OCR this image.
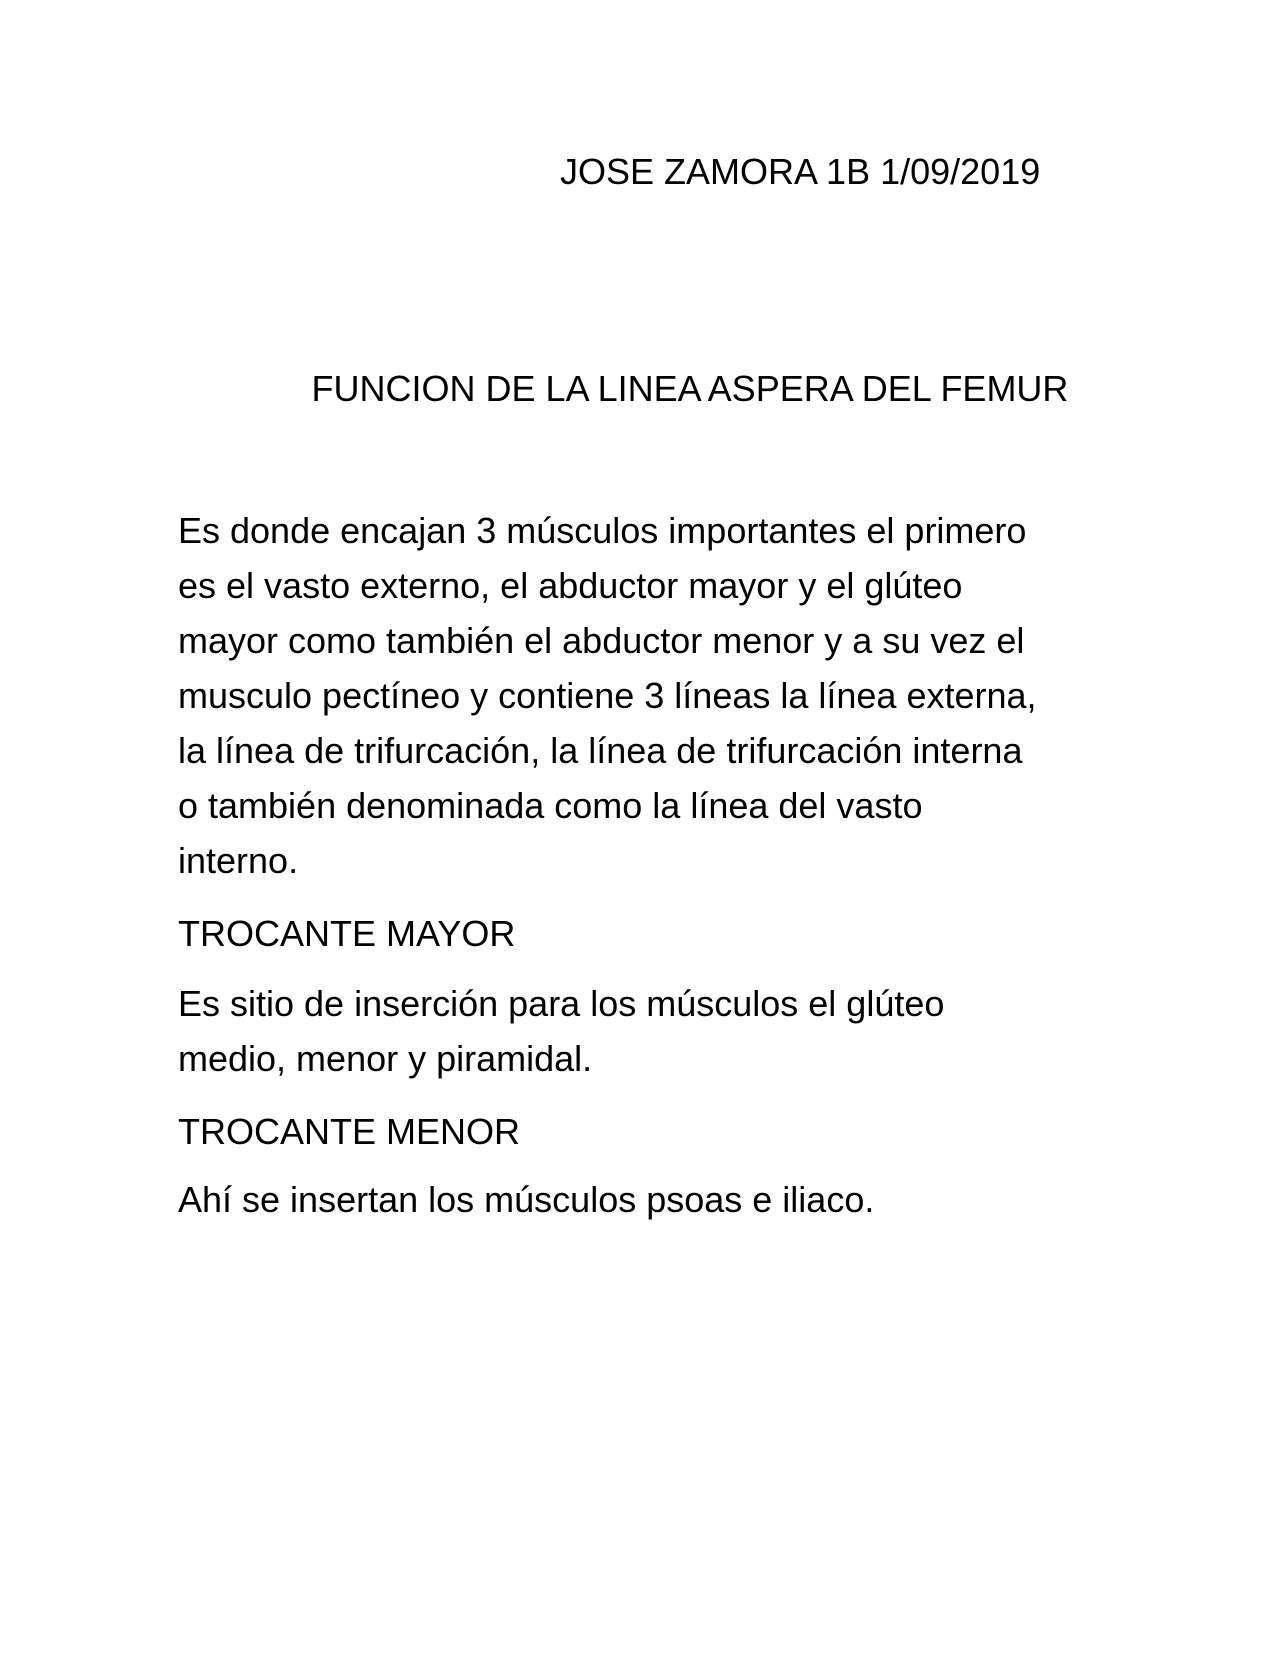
JOSE ZAMORA 1B 1/09/2019
FUNCION DE LA LINEA ASPERA DEL FEMUR
Es donde encajan 3 músculos importantes el primero
es el vasto externo, el abductor mayor y el glúteo
mayor como también el abductor menor y a su vez el
musculo pectíneo y contiene 3 líneas la línea externa,
la línea de trifurcación, la línea de trifurcación interna
o también denominada como la línea del vasto
interno.
TROCANTE MAYOR
Es sitio de inserción para los músculos el glúteo
medio, menor y piramidal.
TROCANTE MENOR
Ahí se insertan los músculos psoas e iliaco.
